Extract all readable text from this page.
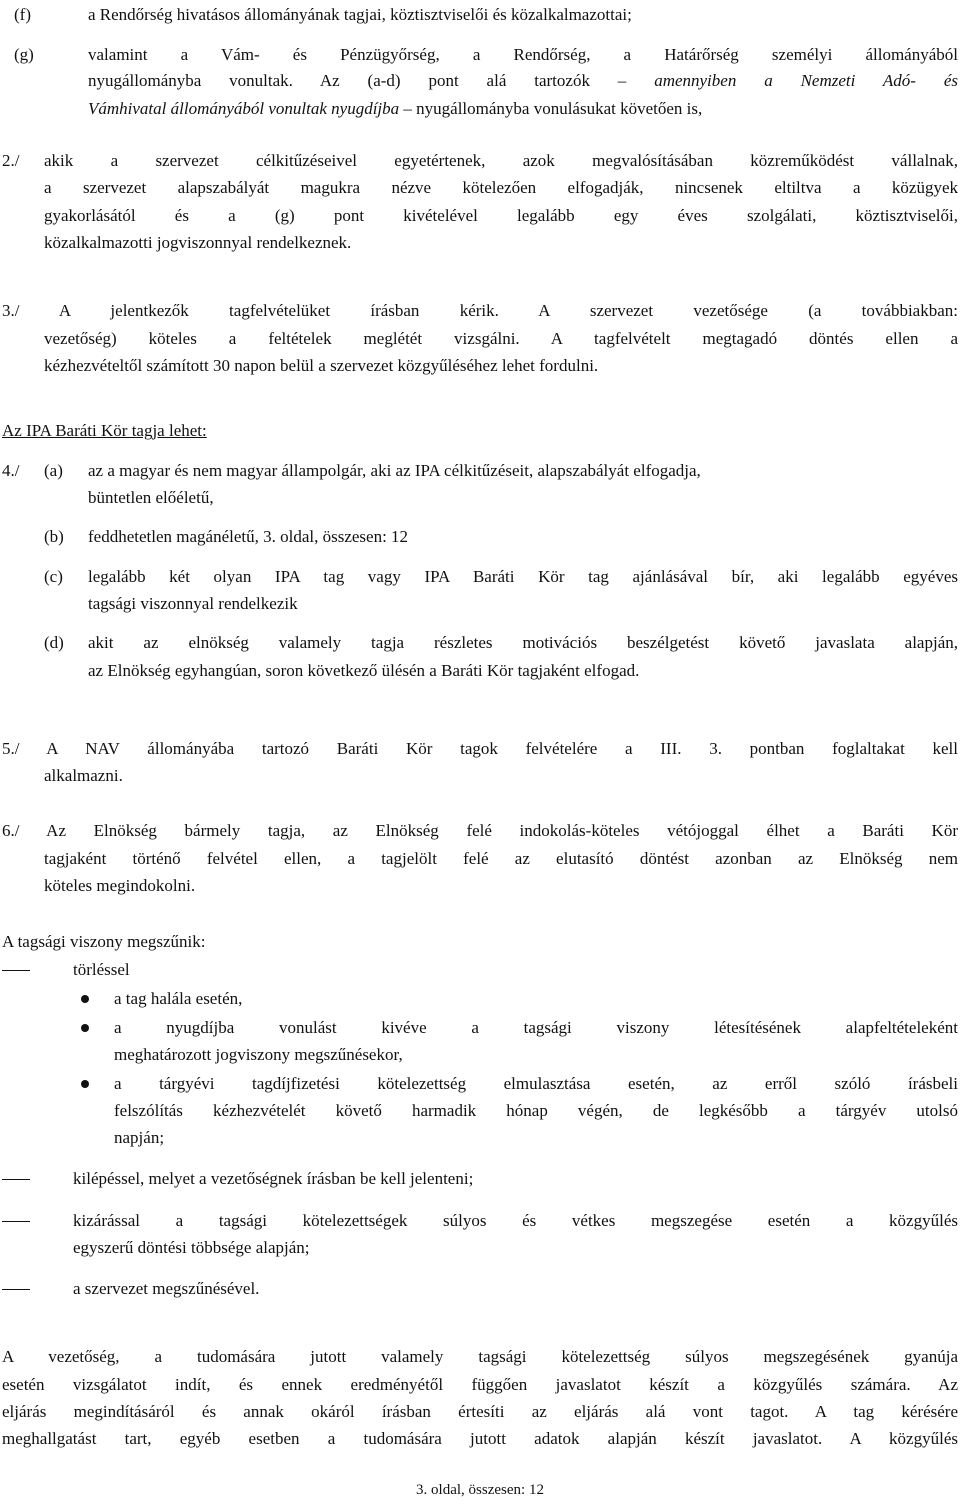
(f)	a Rendőrség hivatásos állományának tagjai, köztisztviselői és közalkalmazottai;
(g)	valamint a Vám- és Pénzügyőrség, a Rendőrség, a Határőrség személyi állományából
nyugállományba vonultak. Az (a-d) pont alá tartozók – amennyiben a Nemzeti Adó- és
Vámhivatal állományából vonultak nyugdíjba – nyugállományba vonulásukat követően is,
2./ akik a szervezet célkitűzéseivel egyetértenek, azok megvalósításában közreműködést vállalnak,
a szervezet alapszabályát magukra nézve kötelezően elfogadják, nincsenek eltiltva a közügyek
gyakorlásától és a (g) pont kivételével legalább egy éves szolgálati, köztisztviselői,
közalkalmazotti jogviszonnyal rendelkeznek.
3./ A jelentkezők tagfelvételüket írásban kérik. A szervezet vezetősége (a továbbiakban:
vezetőség) köteles a feltételek meglétét vizsgálni. A tagfelvételt megtagadó döntés ellen a
kézhezvételtől számított 30 napon belül a szervezet közgyűléséhez lehet fordulni.
Az IPA Baráti Kör tagja lehet:
4./ (a) az a magyar és nem magyar állampolgár, aki az IPA célkitűzéseit, alapszabályát elfogadja,
büntetlen előéletű,
(b) feddhetetlen magánéletű, 3. oldal, összesen: 12
(c) legalább két olyan IPA tag vagy IPA Baráti Kör tag ajánlásával bír, aki legalább egyéves
tagsági viszonnyal rendelkezik
(d) akit az elnökség valamely tagja részletes motivációs beszélgetést követő javaslata alapján,
az Elnökség egyhangúan, soron következő ülésén a Baráti Kör tagjaként elfogad.
5./ A NAV állományába tartozó Baráti Kör tagok felvételére a III. 3. pontban foglaltakat kell
alkalmazni.
6./ Az Elnökség bármely tagja, az Elnökség felé indokolás-köteles vétójoggal élhet a Baráti Kör
tagjaként történő felvétel ellen, a tagjelölt felé az elutasító döntést azonban az Elnökség nem
köteles megindokolni.
A tagsági viszony megszűnik:
törléssel
a tag halála esetén,
a nyugdíjba vonulást kivéve a tagsági viszony létesítésének alapfeltételeként
meghatározott jogviszony megszűnésekor,
a tárgyévi tagdíjfizetési kötelezettség elmulasztása esetén, az erről szóló írásbeli
felszólítás kézhezvételét követő harmadik hónap végén, de legkésőbb a tárgyév utolsó
napján;
kilépéssel, melyet a vezetőségnek írásban be kell jelenteni;
kizárással a tagsági kötelezettségek súlyos és vétkes megszegése esetén a közgyűlés
egyszerű döntési többsége alapján;
a szervezet megszűnésével.
A vezetőség, a tudomására jutott valamely tagsági kötelezettség súlyos megszegésének gyanúja
esetén vizsgálatot indít, és ennek eredményétől függően javaslatot készít a közgyűlés számára. Az
eljárás megindításáról és annak okáról írásban értesíti az eljárás alá vont tagot. A tag kérésére
meghallgatást tart, egyéb esetben a tudomására jutott adatok alapján készít javaslatot. A közgyűlés
3. oldal, összesen: 12
